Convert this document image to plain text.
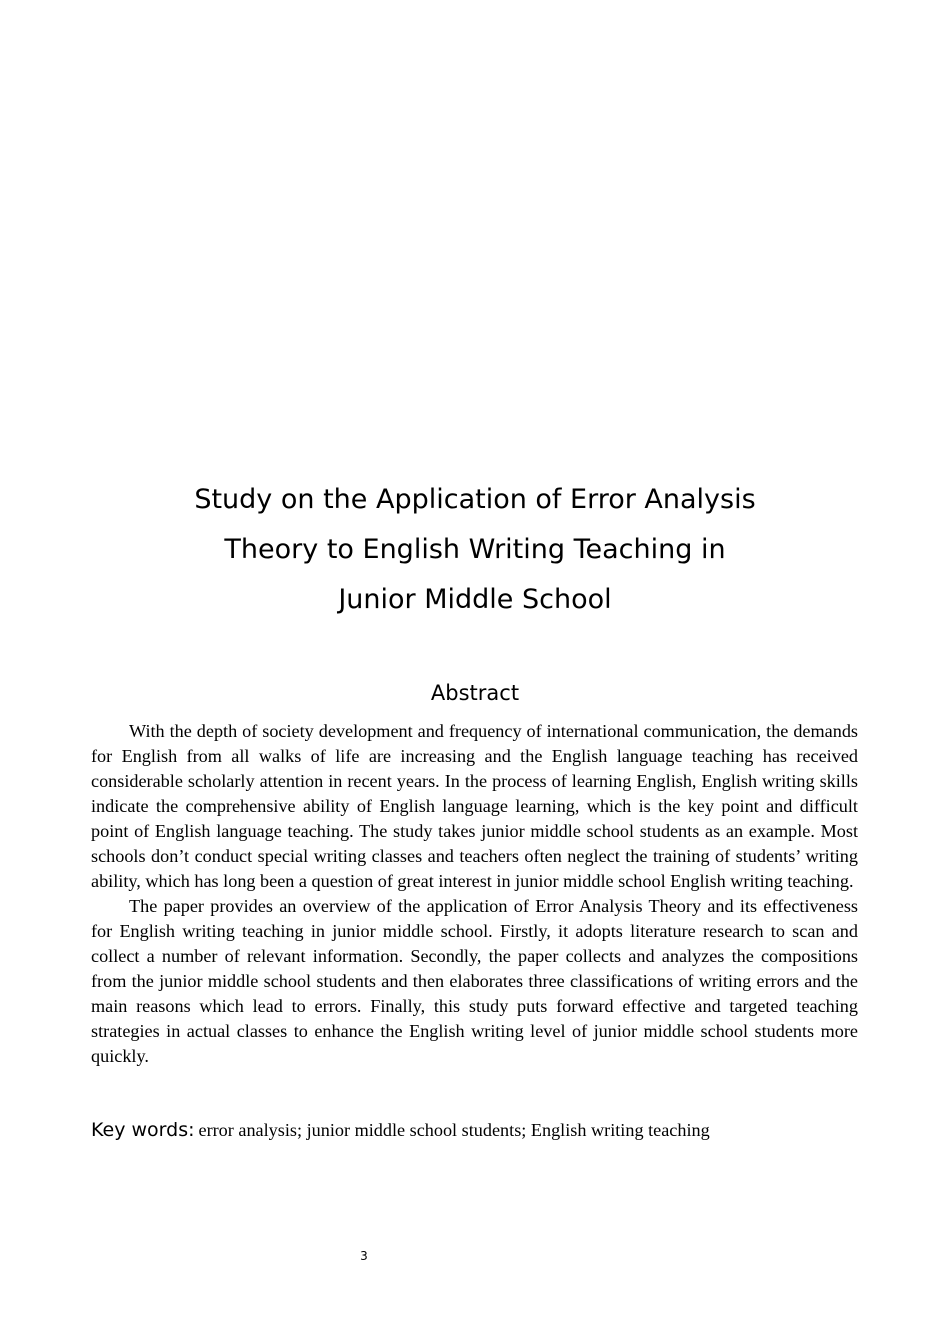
Study on the Application of Error Analysis
Theory to English Writing Teaching in
Junior Middle School
Abstract

With the depth of society development and frequency of international communication, the demands for English from all walks of life are increasing and the English language teaching has received considerable scholarly attention in recent years. In the process of learning English, English writing skills indicate the comprehensive ability of English language learning, which is the key point and difficult point of English language teaching. The study takes junior middle school students as an example. Most schools don’t conduct special writing classes and teachers often neglect the training of students’ writing ability, which has long been a question of great interest in junior middle school English writing teaching.

The paper provides an overview of the application of Error Analysis Theory and its effectiveness for English writing teaching in junior middle school. Firstly, it adopts literature research to scan and collect a number of relevant information. Secondly, the paper collects and analyzes the compositions from the junior middle school students and then elaborates three classifications of writing errors and the main reasons which lead to errors. Finally, this study puts forward effective and targeted teaching strategies in actual classes to enhance the English writing level of junior middle school students more quickly.

Key words: error analysis; junior middle school students; English writing teaching
3
